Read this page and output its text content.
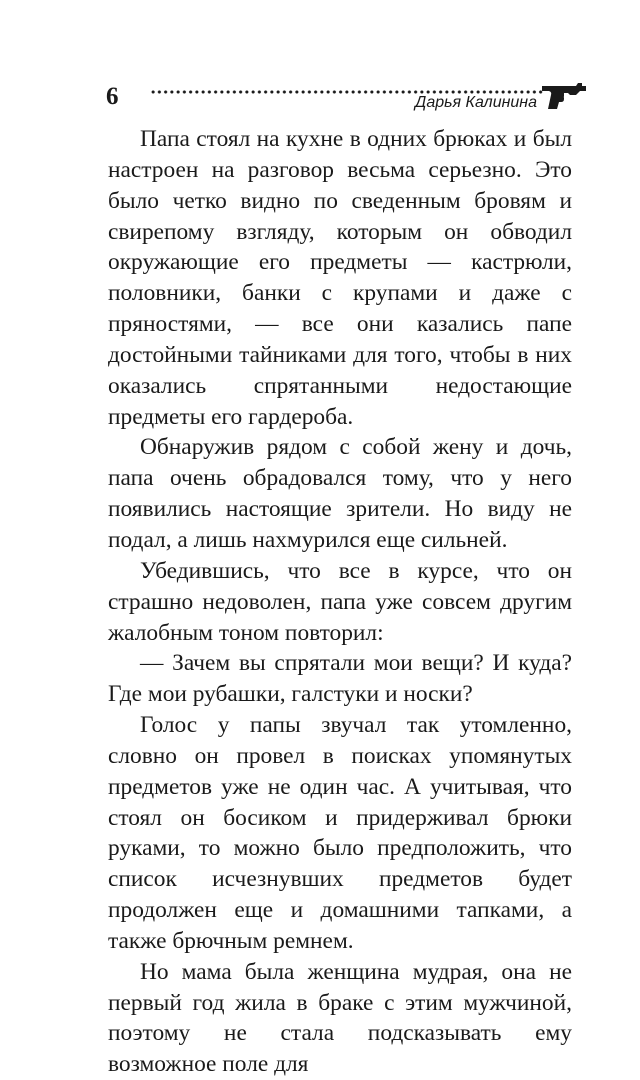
6	Дарья Калинина

Папа стоял на кухне в одних брюках и был настроен на разговор весьма серьезно. Это было четко видно по сведенным бровям и свирепому взгляду, которым он обводил окружающие его предметы — кастрюли, половники, банки с крупами и даже с пряностями, — все они казались папе достойными тайниками для того, чтобы в них оказались спрятанными недостающие предметы его гардероба.

Обнаружив рядом с собой жену и дочь, папа очень обрадовался тому, что у него появились настоящие зрители. Но виду не подал, а лишь нахмурился еще сильней.

Убедившись, что все в курсе, что он страшно недоволен, папа уже совсем другим жалобным тоном повторил:

— Зачем вы спрятали мои вещи? И куда? Где мои рубашки, галстуки и носки?

Голос у папы звучал так утомленно, словно он провел в поисках упомянутых предметов уже не один час. А учитывая, что стоял он босиком и придерживал брюки руками, то можно было предположить, что список исчезнувших предметов будет продолжен еще и домашними тапками, а также брючным ремнем.

Но мама была женщина мудрая, она не первый год жила в браке с этим мужчиной, поэтому не стала подсказывать ему возможное поле для
